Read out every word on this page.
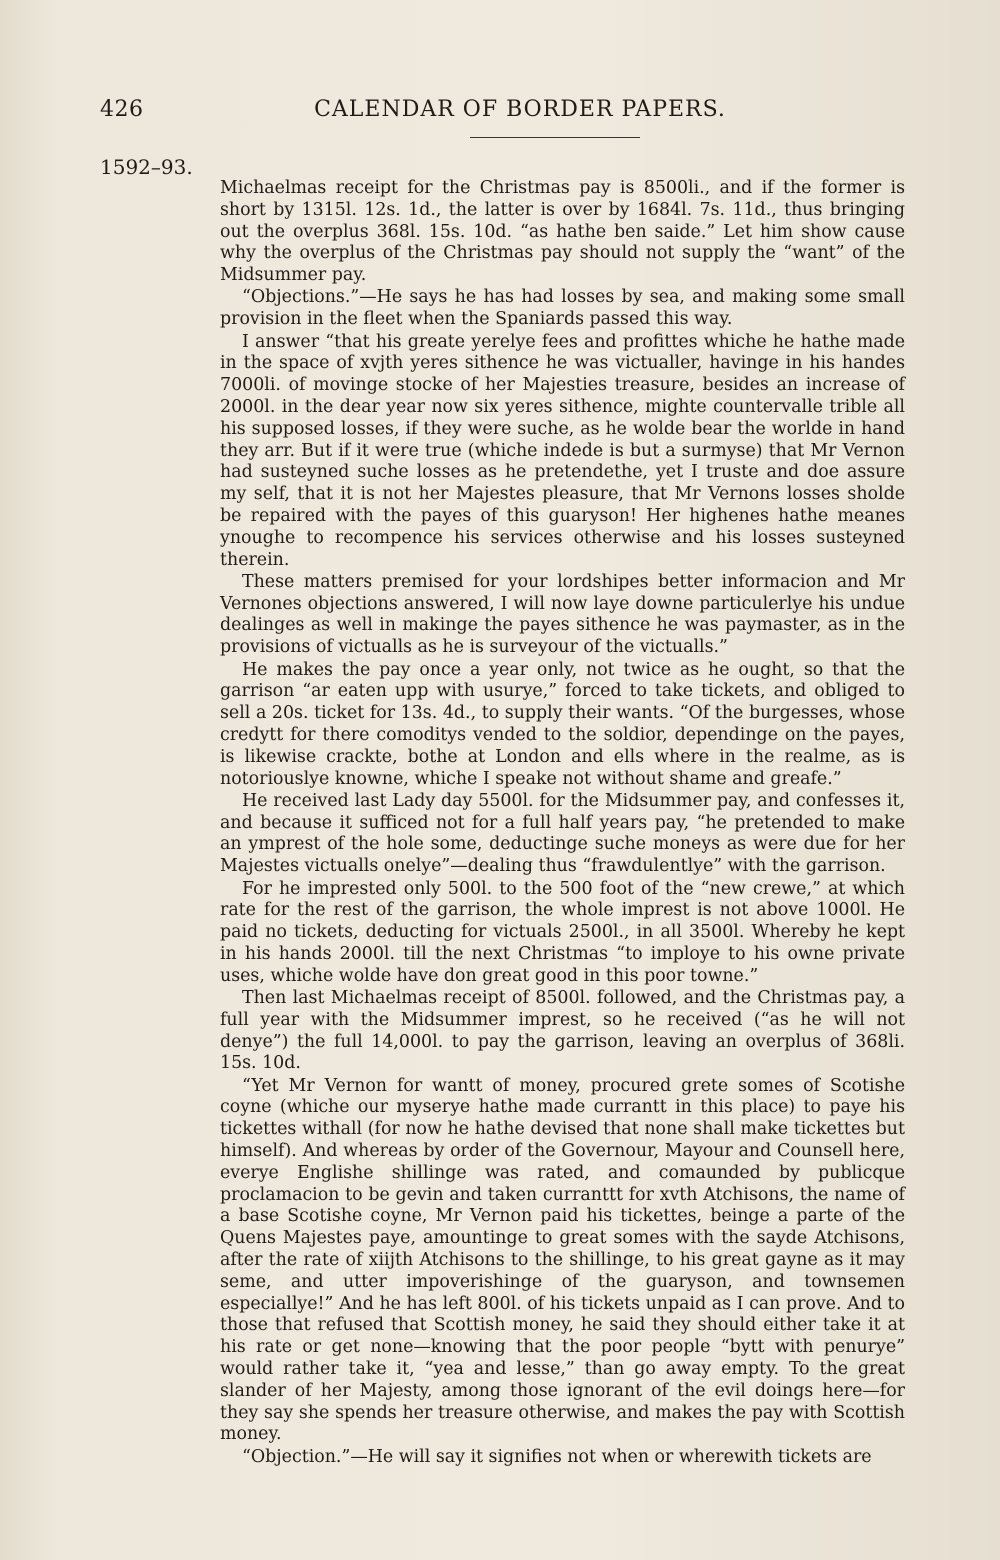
426	CALENDAR OF BORDER PAPERS.
1592–93.

Michaelmas receipt for the Christmas pay is 8500li., and if the former is short by 1315l. 12s. 1d., the latter is over by 1684l. 7s. 11d., thus bringing out the overplus 368l. 15s. 10d. “as hathe ben saide.” Let him show cause why the overplus of the Christmas pay should not supply the “want” of the Midsummer pay.

“Objections.”—He says he has had losses by sea, and making some small provision in the fleet when the Spaniards passed this way.

I answer “that his greate yerelye fees and profittes whiche he hathe made in the space of xvjth yeres sithence he was victualler, havinge in his handes 7000li. of movinge stocke of her Majesties treasure, besides an increase of 2000l. in the dear year now six yeres sithence, mighte countervalle trible all his supposed losses, if they were suche, as he wolde bear the worlde in hand they arr. But if it were true (whiche indede is but a surmyse) that Mr Vernon had susteyned suche losses as he pretendethe, yet I truste and doe assure my self, that it is not her Majestes pleasure, that Mr Vernons losses sholde be repaired with the payes of this guaryson! Her highenes hathe meanes ynoughe to recompence his services otherwise and his losses susteyned therein.

These matters premised for your lordshipes better informacion and Mr Vernones objections answered, I will now laye downe particulerlye his undue dealinges as well in makinge the payes sithence he was paymaster, as in the provisions of victualls as he is surveyour of the victualls.”

He makes the pay once a year only, not twice as he ought, so that the garrison “ar eaten upp with usurye,” forced to take tickets, and obliged to sell a 20s. ticket for 13s. 4d., to supply their wants. “Of the burgesses, whose credytt for there comoditys vended to the soldior, dependinge on the payes, is likewise crackte, bothe at London and ells where in the realme, as is notoriouslye knowne, whiche I speake not without shame and greafe.”

He received last Lady day 5500l. for the Midsummer pay, and confesses it, and because it sufficed not for a full half years pay, “he pretended to make an ymprest of the hole some, deductinge suche moneys as were due for her Majestes victualls onelye”—dealing thus “frawdulentlye” with the garrison.

For he imprested only 500l. to the 500 foot of the “new crewe,” at which rate for the rest of the garrison, the whole imprest is not above 1000l. He paid no tickets, deducting for victuals 2500l., in all 3500l. Whereby he kept in his hands 2000l. till the next Christmas “to imploye to his owne private uses, whiche wolde have don great good in this poor towne.”

Then last Michaelmas receipt of 8500l. followed, and the Christmas pay, a full year with the Midsummer imprest, so he received (“as he will not denye”) the full 14,000l. to pay the garrison, leaving an overplus of 368li. 15s. 10d.

“Yet Mr Vernon for wantt of money, procured grete somes of Scotishe coyne (whiche our myserye hathe made currantt in this place) to paye his tickettes withall (for now he hathe devised that none shall make tickettes but himself). And whereas by order of the Governour, Mayour and Counsell here, everye Englishe shillinge was rated, and comaunded by publicque proclamacion to be gevin and taken curranttt for xvth Atchisons, the name of a base Scotishe coyne, Mr Vernon paid his tickettes, beinge a parte of the Quens Majestes paye, amountinge to great somes with the sayde Atchisons, after the rate of xiijth Atchisons to the shillinge, to his great gayne as it may seme, and utter impoverishinge of the guaryson, and townsemen especiallye!” And he has left 800l. of his tickets unpaid as I can prove. And to those that refused that Scottish money, he said they should either take it at his rate or get none—knowing that the poor people “bytt with penurye” would rather take it, “yea and lesse,” than go away empty. To the great slander of her Majesty, among those ignorant of the evil doings here—for they say she spends her treasure otherwise, and makes the pay with Scottish money.

“Objection.”—He will say it signifies not when or wherewith tickets are
